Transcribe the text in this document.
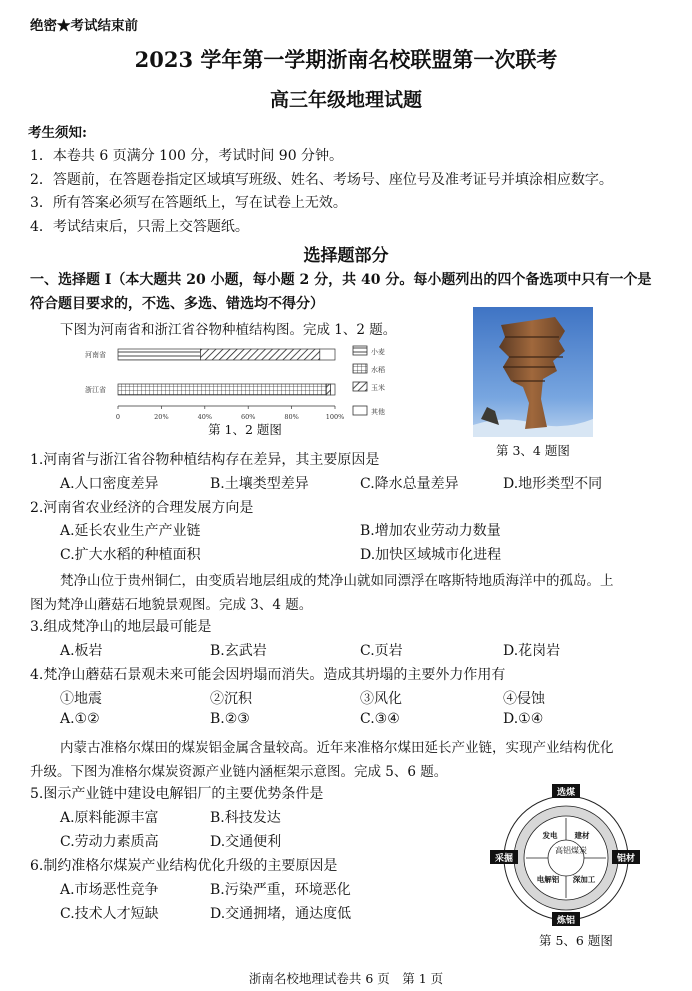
绝密★考试结束前
2023 学年第一学期浙南名校联盟第一次联考
高三年级地理试题
考生须知:
1．本卷共 6 页满分 100 分，考试时间 90 分钟。
2．答题前，在答题卷指定区域填写班级、姓名、考场号、座位号及准考证号并填涂相应数字。
3．所有答案必须写在答题纸上，写在试卷上无效。
4．考试结束后，只需上交答题纸。
选择题部分
一、选择题 I（本大题共 20 小题，每小题 2 分，共 40 分。每小题列出的四个备选项中只有一个是
符合题目要求的，不选、多选、错选均不得分）
下图为河南省和浙江省谷物种植结构图。完成 1、2 题。
河南省
浙江省
0	20%	40%	60%	80%	100%
小麦
水稻
玉米
其他
第 1、2 题图
第 3、4 题图
1.河南省与浙江省谷物种植结构存在差异，其主要原因是
A.人口密度差异	B.土壤类型差异	C.降水总量差异	D.地形类型不同
2.河南省农业经济的合理发展方向是
A.延长农业生产产业链	B.增加农业劳动力数量
C.扩大水稻的种植面积	D.加快区域城市化进程
梵净山位于贵州铜仁，由变质岩地层组成的梵净山就如同漂浮在喀斯特地质海洋中的孤岛。上
图为梵净山蘑菇石地貌景观图。完成 3、4 题。
3.组成梵净山的地层最可能是
A.板岩	B.玄武岩	C.页岩	D.花岗岩
4.梵净山蘑菇石景观未来可能会因坍塌而消失。造成其坍塌的主要外力作用有
①地震	②沉积	③风化	④侵蚀
A.①②	B.②③	C.③④	D.①④
内蒙古准格尔煤田的煤炭铝金属含量较高。近年来准格尔煤田延长产业链，实现产业结构优化
升级。下图为准格尔煤炭资源产业链内涵框架示意图。完成 5、6 题。
5.图示产业链中建设电解铝厂的主要优势条件是
A.原料能源丰富	B.科技发达
C.劳动力素质高	D.交通便利
6.制约准格尔煤炭产业结构优化升级的主要原因是
A.市场恶性竞争	B.污染严重，环境恶化
C.技术人才短缺	D.交通拥堵，通达度低
选煤
采掘	铝材
炼铝
发电 建材
电解铝 深加工
高铝煤炭
第 5、6 题图
浙南名校地理试卷共 6 页　第 1 页
